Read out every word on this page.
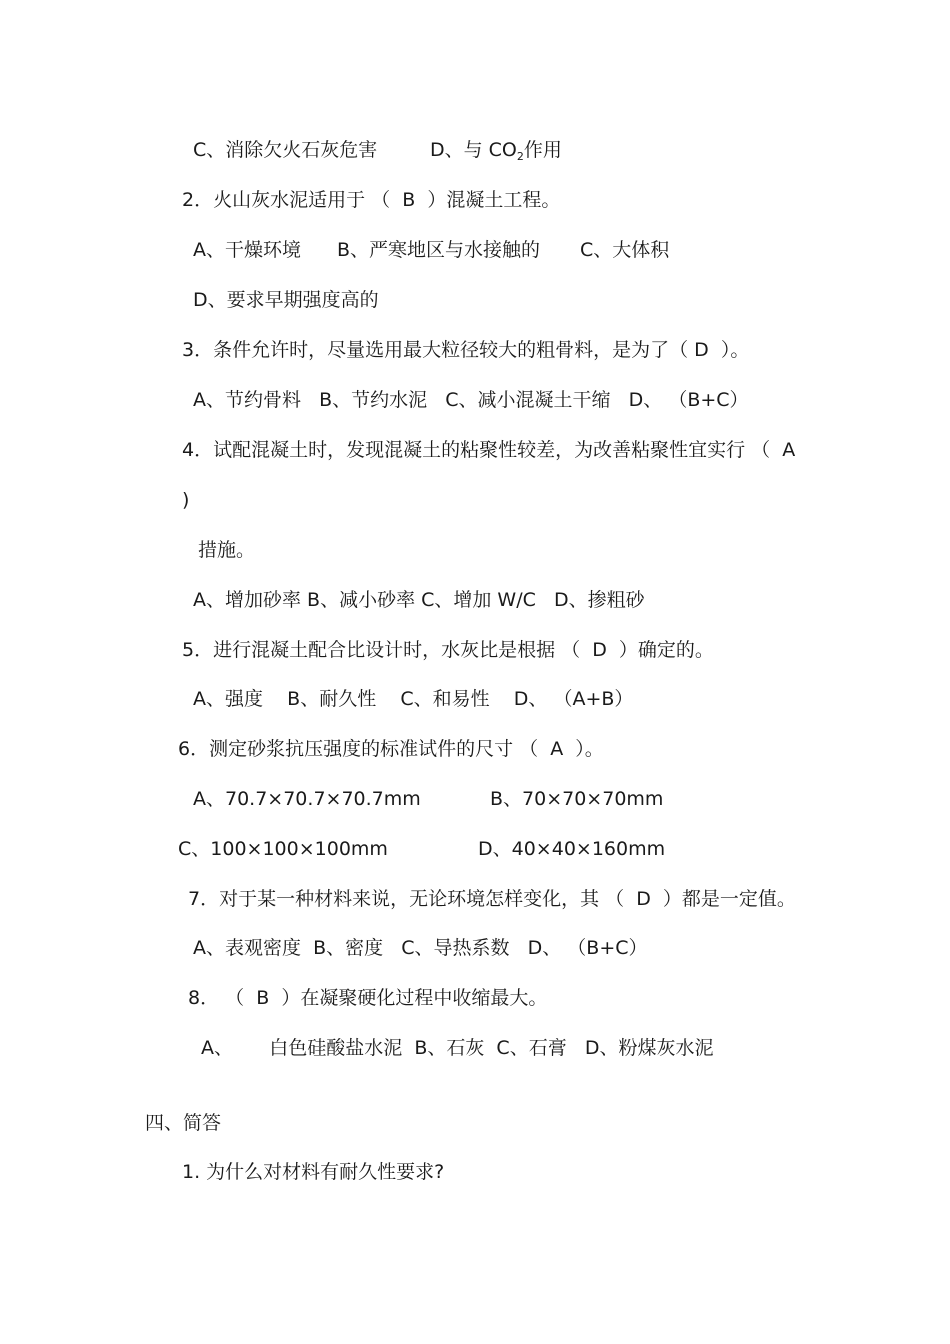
C、消除欠火石灰危害	D、与 $CO_2$作用
2．火山灰水泥适用于 （  B  ）混凝土工程。
A、干燥环境 B、严寒地区与水接触的 C、大体积
D、要求早期强度高的
3．条件允许时，尽量选用最大粒径较大的粗骨料，是为了（ D  ）。
A、节约骨料   B、节约水泥   C、减小混凝土干缩   D、 （B+C）
4．试配混凝土时，发现混凝土的粘聚性较差，为改善粘聚性宜实行 （  A
)
措施。
A、增加砂率 B、减小砂率 C、增加 W/C   D、掺粗砂
5．进行混凝土配合比设计时，水灰比是根据 （  D  ）确定的。
A、强度    B、耐久性    C、和易性    D、 （A+B）
6．测定砂浆抗压强度的标准试件的尺寸 （  A  ）。
A、70.7×70.7×70.7mm	B、70×70×70mm
C、100×100×100mm	D、40×40×160mm
7．对于某一种材料来说，无论环境怎样变化，其 （  D  ）都是一定值。
A、表观密度  B、密度   C、导热系数   D、 （B+C）
8． （  B  ）在凝聚硬化过程中收缩最大。
A、      白色硅酸盐水泥  B、石灰  C、石膏   D、粉煤灰水泥
四、简答
1. 为什么对材料有耐久性要求?
